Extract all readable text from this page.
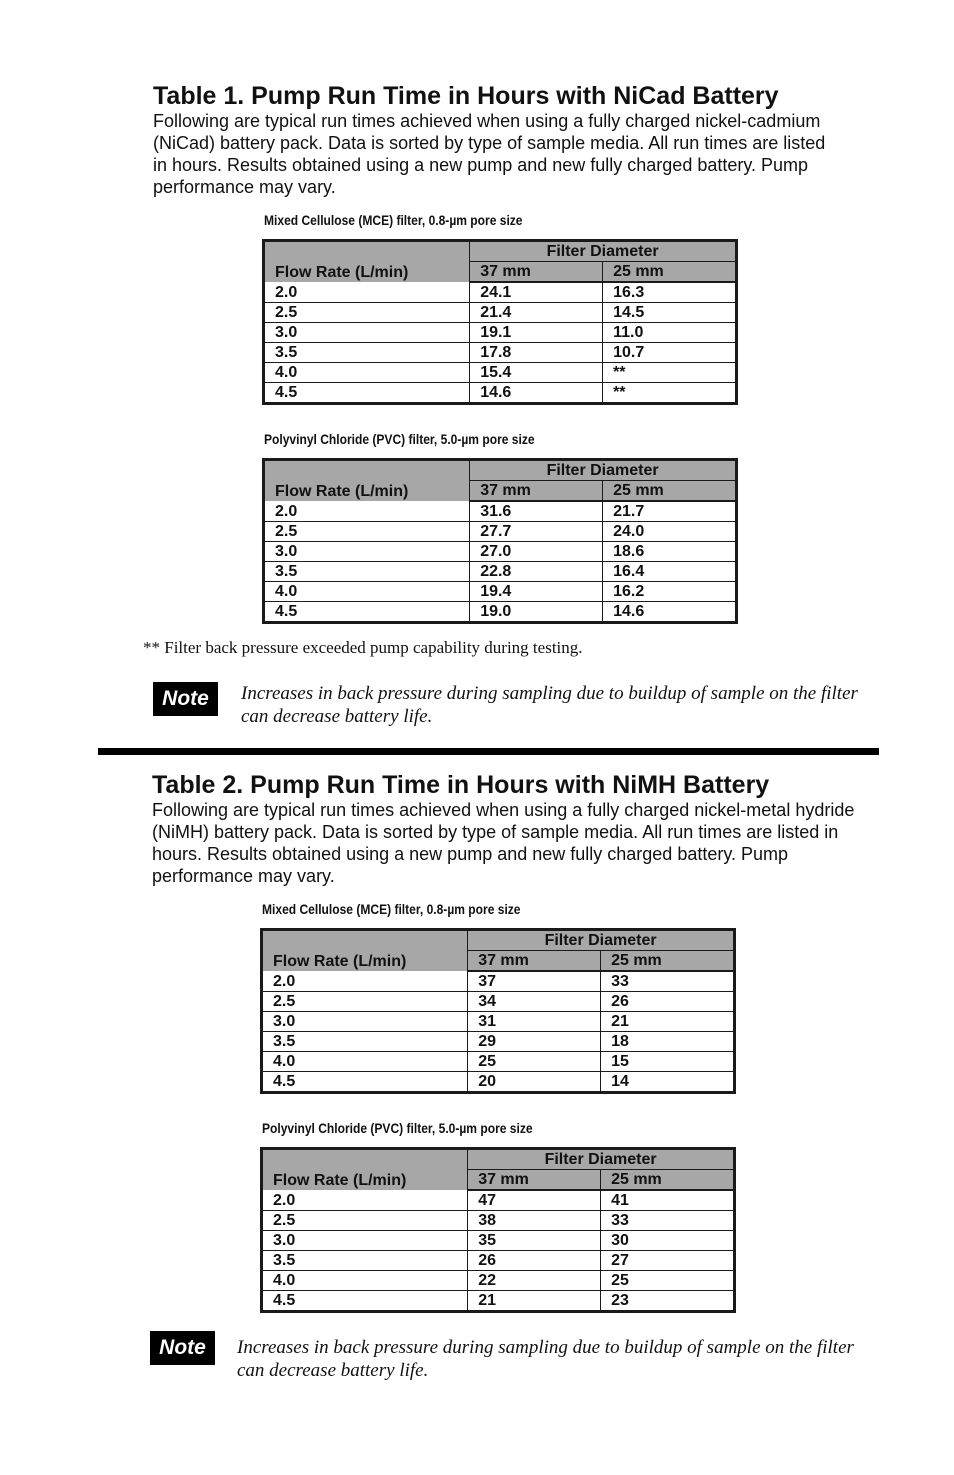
Table 1. Pump Run Time in Hours with NiCad Battery

Following are typical run times achieved when using a fully charged nickel-cadmium (NiCad) battery pack. Data is sorted by type of sample media. All run times are listed in hours. Results obtained using a new pump and new fully charged battery. Pump performance may vary.

Mixed Cellulose (MCE) filter, 0.8-µm pore size
Flow Rate (L/min)	Filter Diameter	
	37 mm	25 mm
2.0	24.1	16.3
2.5	21.4	14.5
3.0	19.1	11.0
3.5	17.8	10.7
4.0	15.4	**
4.5	14.6	**
Polyvinyl Chloride (PVC) filter, 5.0-µm pore size
Flow Rate (L/min)	Filter Diameter	
	37 mm	25 mm
2.0	31.6	21.7
2.5	27.7	24.0
3.0	27.0	18.6
3.5	22.8	16.4
4.0	19.4	16.2
4.5	19.0	14.6

** Filter back pressure exceeded pump capability during testing.

Note	Increases in back pressure during sampling due to buildup of sample on the filter can decrease battery life.

Table 2. Pump Run Time in Hours with NiMH Battery

Following are typical run times achieved when using a fully charged nickel-metal hydride (NiMH) battery pack. Data is sorted by type of sample media. All run times are listed in hours. Results obtained using a new pump and new fully charged battery. Pump performance may vary.

Mixed Cellulose (MCE) filter, 0.8-µm pore size
Flow Rate (L/min)	Filter Diameter	
	37 mm	25 mm
2.0	37	33
2.5	34	26
3.0	31	21
3.5	29	18
4.0	25	15
4.5	20	14
Polyvinyl Chloride (PVC) filter, 5.0-µm pore size
Flow Rate (L/min)	Filter Diameter	
	37 mm	25 mm
2.0	47	41
2.5	38	33
3.0	35	30
3.5	26	27
4.0	22	25
4.5	21	23
Note	Increases in back pressure during sampling due to buildup of sample on the filter can decrease battery life.
